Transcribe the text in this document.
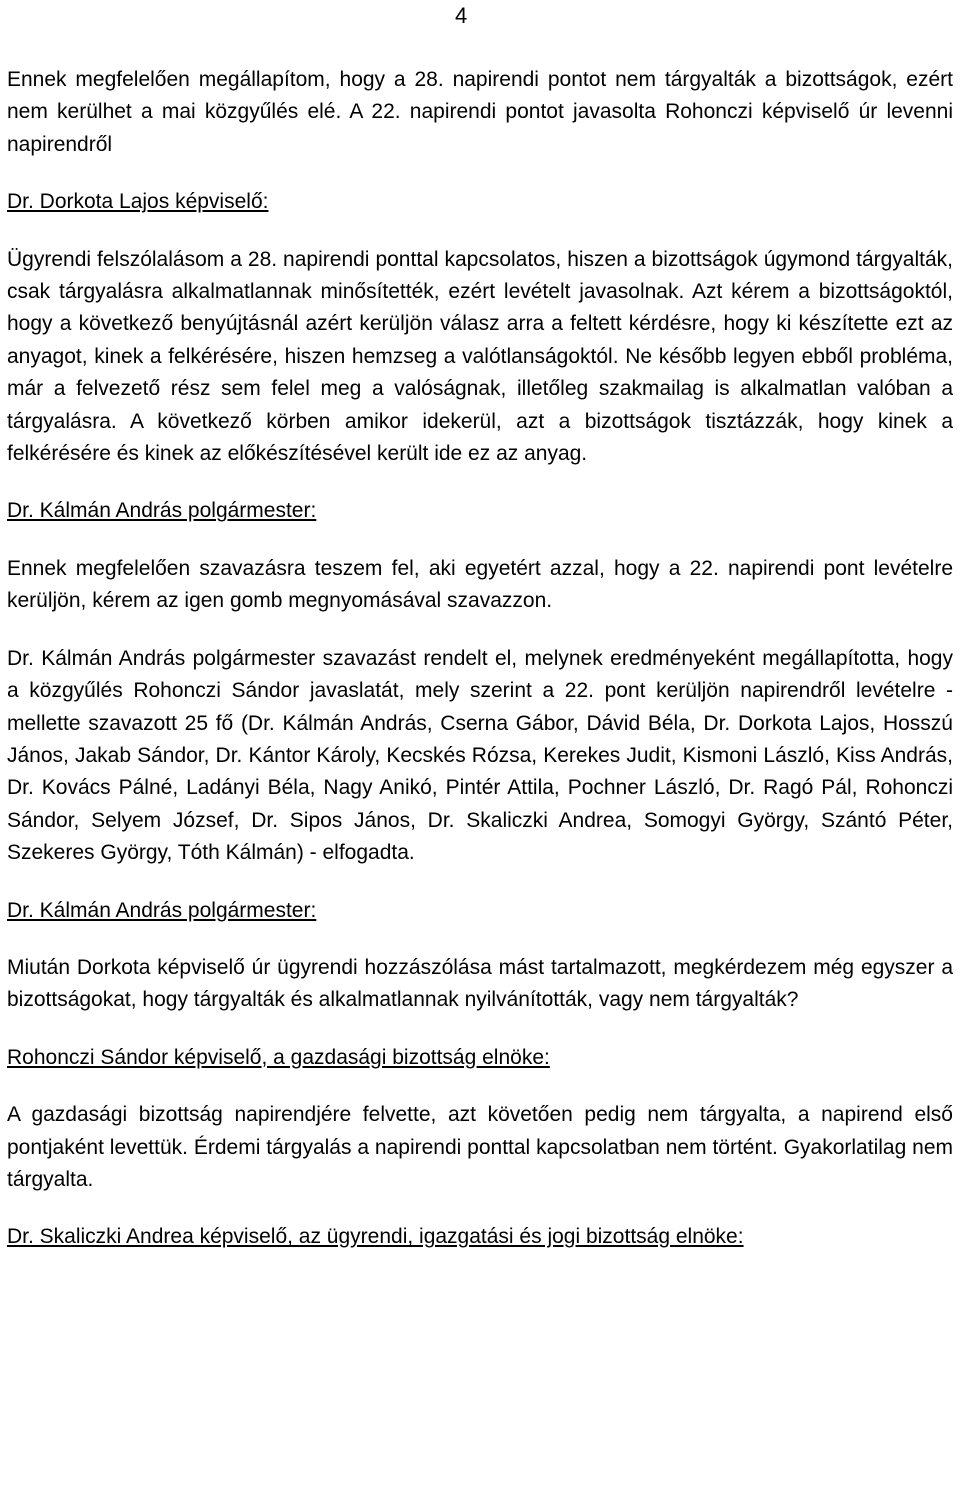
4

Ennek megfelelően megállapítom, hogy a 28. napirendi pontot nem tárgyalták a bizottságok, ezért nem kerülhet a mai közgyűlés elé. A 22. napirendi pontot javasolta Rohonczi képviselő úr levenni napirendről

Dr. Dorkota Lajos képviselő:

Ügyrendi felszólalásom a 28. napirendi ponttal kapcsolatos, hiszen a bizottságok úgymond tárgyalták, csak tárgyalásra alkalmatlannak minősítették, ezért levételt javasolnak. Azt kérem a bizottságoktól, hogy a következő benyújtásnál azért kerüljön válasz arra a feltett kérdésre, hogy ki készítette ezt az anyagot, kinek a felkérésére, hiszen hemzseg a valótlanságoktól. Ne később legyen ebből probléma, már a felvezető rész sem felel meg a valóságnak, illetőleg szakmailag is alkalmatlan valóban a tárgyalásra. A következő körben amikor idekerül, azt a bizottságok tisztázzák, hogy kinek a felkérésére és kinek az előkészítésével került ide ez az anyag.

Dr. Kálmán András polgármester:

Ennek megfelelően szavazásra teszem fel, aki egyetért azzal, hogy a 22. napirendi pont levételre kerüljön, kérem az igen gomb megnyomásával szavazzon.

Dr. Kálmán András polgármester szavazást rendelt el, melynek eredményeként megállapította, hogy a közgyűlés Rohonczi Sándor javaslatát, mely szerint a 22. pont kerüljön napirendről levételre - mellette szavazott 25 fő (Dr. Kálmán András, Cserna Gábor, Dávid Béla, Dr. Dorkota Lajos, Hosszú János, Jakab Sándor, Dr. Kántor Károly, Kecskés Rózsa, Kerekes Judit, Kismoni László, Kiss András, Dr. Kovács Pálné, Ladányi Béla, Nagy Anikó, Pintér Attila, Pochner László, Dr. Ragó Pál, Rohonczi Sándor, Selyem József, Dr. Sipos János, Dr. Skaliczki Andrea, Somogyi György, Szántó Péter, Szekeres György, Tóth Kálmán) - elfogadta.

Dr. Kálmán András polgármester:

Miután Dorkota képviselő úr ügyrendi hozzászólása mást tartalmazott, megkérdezem még egyszer a bizottságokat, hogy tárgyalták és alkalmatlannak nyilvánították, vagy nem tárgyalták?

Rohonczi Sándor képviselő, a gazdasági bizottság elnöke:

A gazdasági bizottság napirendjére felvette, azt követően pedig nem tárgyalta, a napirend első pontjaként levettük. Érdemi tárgyalás a napirendi ponttal kapcsolatban nem történt. Gyakorlatilag nem tárgyalta.

Dr. Skaliczki Andrea képviselő, az ügyrendi, igazgatási és jogi bizottság elnöke:
